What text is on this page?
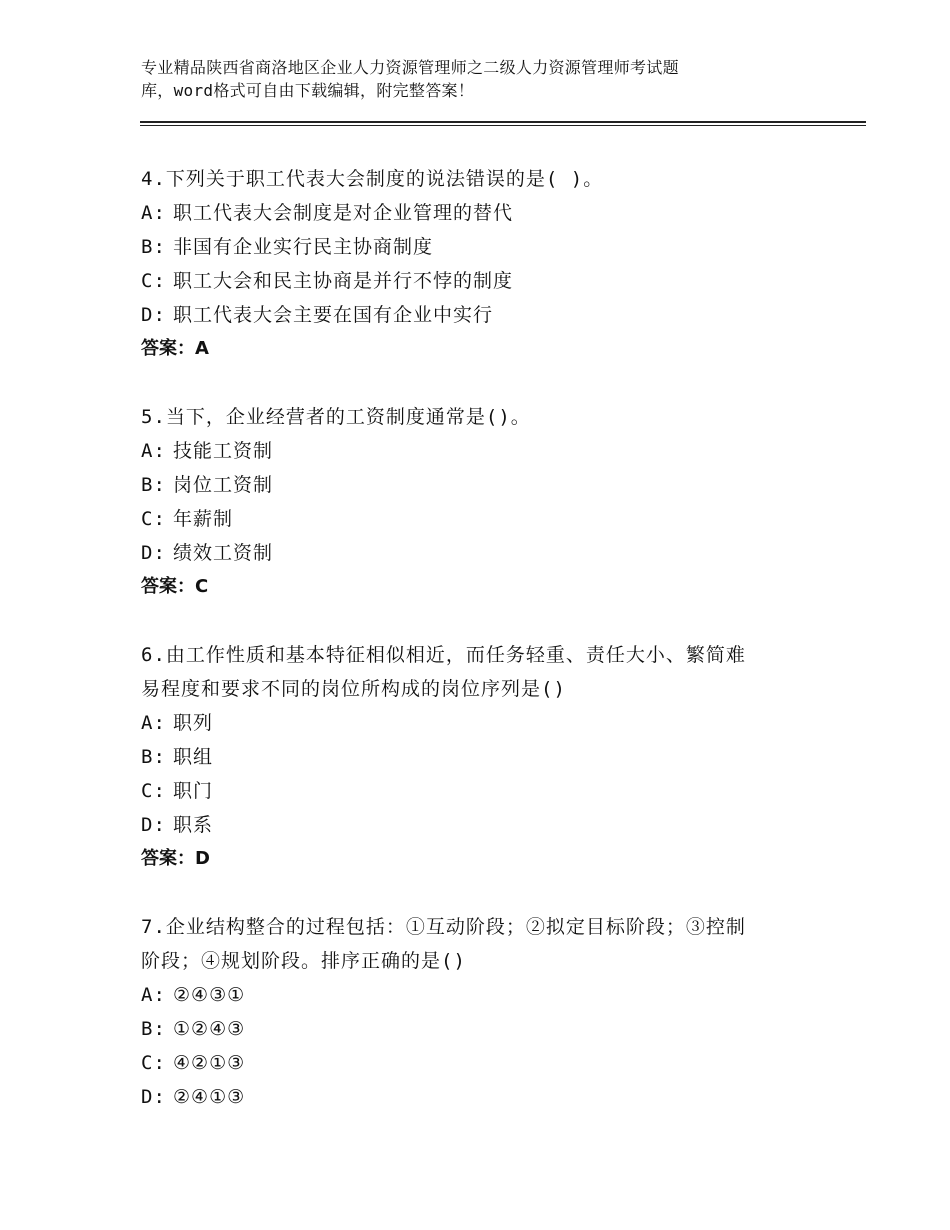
专业精品陕西省商洛地区企业人力资源管理师之二级人力资源管理师考试题
库，word格式可自由下载编辑，附完整答案！
4.下列关于职工代表大会制度的说法错误的是( )。
A: 职工代表大会制度是对企业管理的替代
B: 非国有企业实行民主协商制度
C: 职工大会和民主协商是并行不悖的制度
D: 职工代表大会主要在国有企业中实行
答案：A
5.当下，企业经营者的工资制度通常是()。
A: 技能工资制
B: 岗位工资制
C: 年薪制
D: 绩效工资制
答案：C
6.由工作性质和基本特征相似相近，而任务轻重、责任大小、繁简难
易程度和要求不同的岗位所构成的岗位序列是()
A: 职列
B: 职组
C: 职门
D: 职系
答案：D
7.企业结构整合的过程包括：①互动阶段；②拟定目标阶段；③控制
阶段；④规划阶段。排序正确的是()
A: ②④③①
B: ①②④③
C: ④②①③
D: ②④①③
